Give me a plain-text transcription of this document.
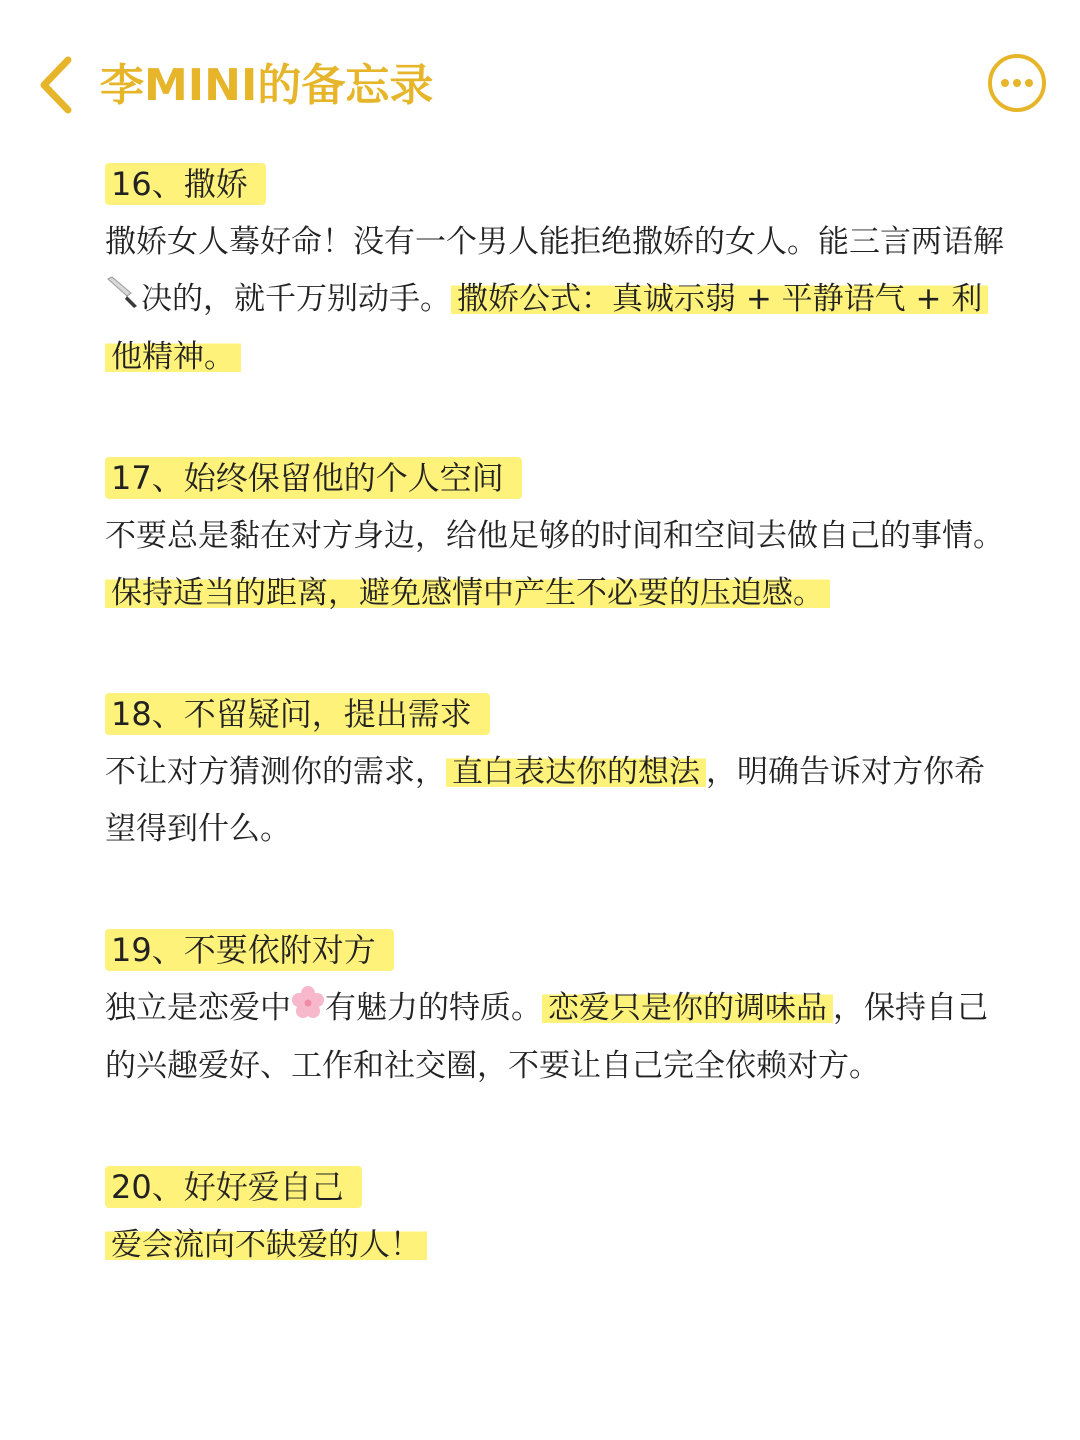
李MINI的备忘录
16、撒娇

撒娇女人蓦好命！没有一个男人能拒绝撒娇的女人。能三言两语解决的，就千万别动手。 撒娇公式：真诚示弱 + 平静语气 + 利他精神。

17、始终保留他的个人空间

不要总是黏在对方身边，给他足够的时间和空间去做自己的事情。保持适当的距离，避免感情中产生不必要的压迫感。

18、不留疑问，提出需求

不让对方猜测你的需求， 直白表达你的想法 ，明确告诉对方你希望得到什么。

19、不要依附对方

独立是恋爱中 有魅力的特质。 恋爱只是你的调味品 ，保持自己的兴趣爱好、工作和社交圈，不要让自己完全依赖对方。

20、好好爱自己

爱会流向不缺爱的人！
